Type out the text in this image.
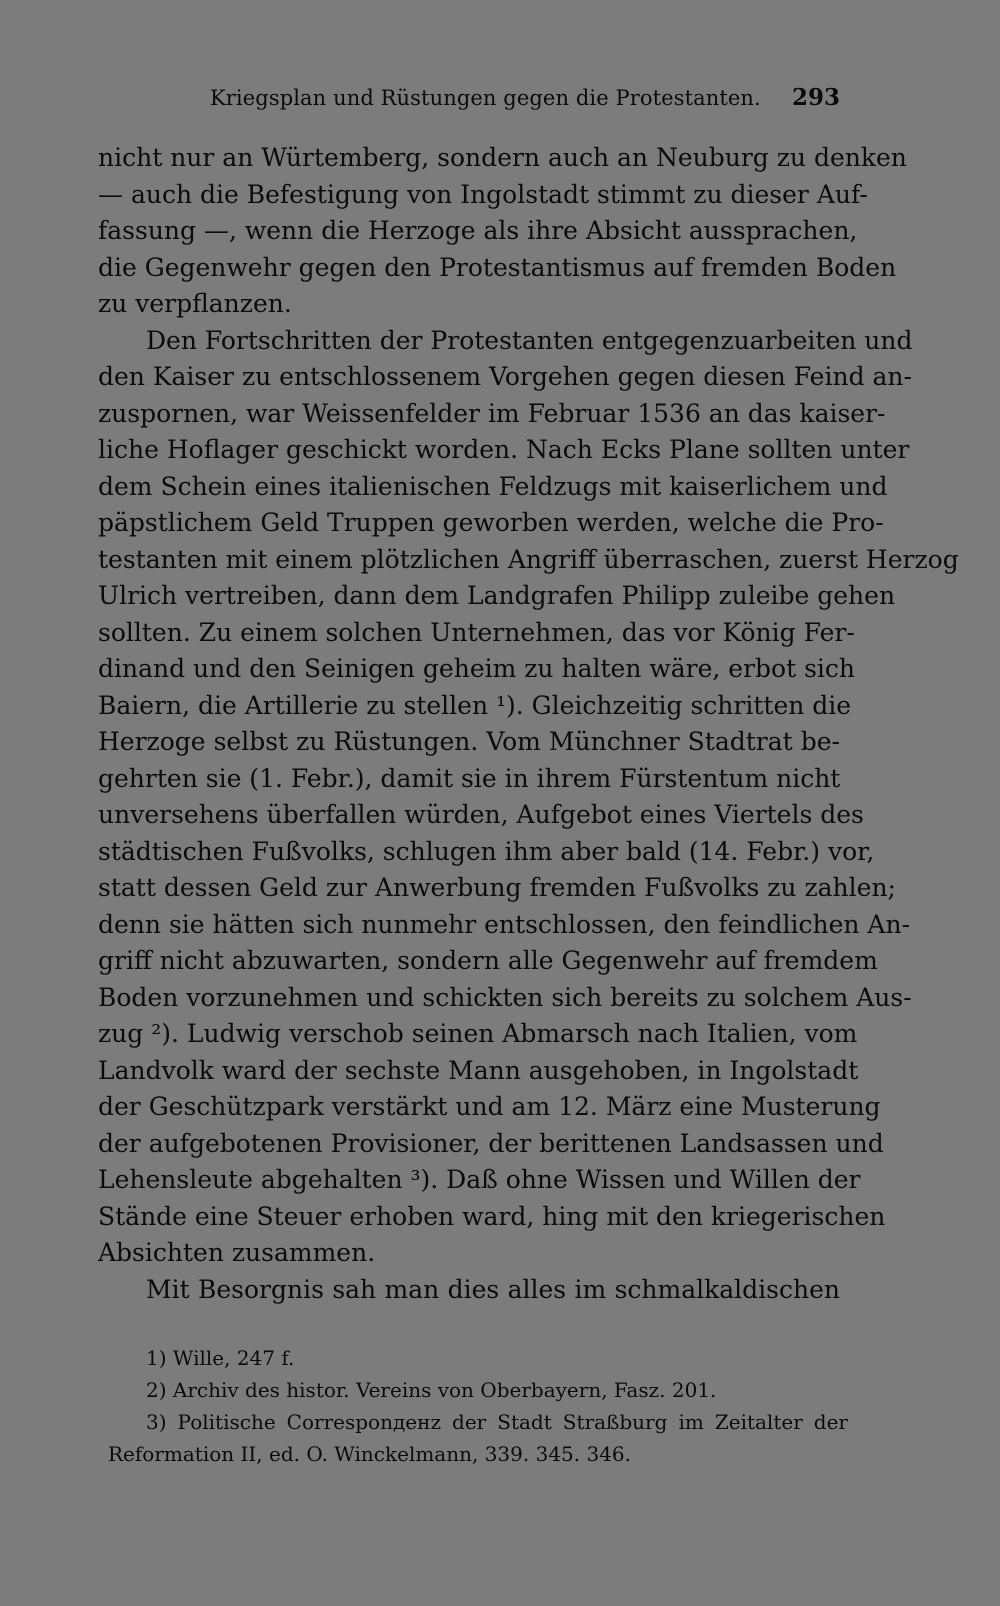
Kriegsplan und Rüstungen gegen die Protestanten. 293
nicht nur an Würtemberg, sondern auch an Neuburg zu denken
— auch die Befestigung von Ingolstadt stimmt zu dieser Auf-
fassung —, wenn die Herzoge als ihre Absicht aussprachen,
die Gegenwehr gegen den Protestantismus auf fremden Boden
zu verpflanzen.
Den Fortschritten der Protestanten entgegenzuarbeiten und
den Kaiser zu entschlossenem Vorgehen gegen diesen Feind an-
zuspornen, war Weissenfelder im Februar 1536 an das kaiser-
liche Hoflager geschickt worden. Nach Ecks Plane sollten unter
dem Schein eines italienischen Feldzugs mit kaiserlichem und
päpstlichem Geld Truppen geworben werden, welche die Pro-
testanten mit einem plötzlichen Angriff überraschen, zuerst Herzog
Ulrich vertreiben, dann dem Landgrafen Philipp zuleibe gehen
sollten. Zu einem solchen Unternehmen, das vor König Fer-
dinand und den Seinigen geheim zu halten wäre, erbot sich
Baiern, die Artillerie zu stellen ¹). Gleichzeitig schritten die
Herzoge selbst zu Rüstungen. Vom Münchner Stadtrat be-
gehrten sie (1. Febr.), damit sie in ihrem Fürstentum nicht
unversehens überfallen würden, Aufgebot eines Viertels des
städtischen Fußvolks, schlugen ihm aber bald (14. Febr.) vor,
statt dessen Geld zur Anwerbung fremden Fußvolks zu zahlen;
denn sie hätten sich nunmehr entschlossen, den feindlichen An-
griff nicht abzuwarten, sondern alle Gegenwehr auf fremdem
Boden vorzunehmen und schickten sich bereits zu solchem Aus-
zug ²). Ludwig verschob seinen Abmarsch nach Italien, vom
Landvolk ward der sechste Mann ausgehoben, in Ingolstadt
der Geschützpark verstärkt und am 12. März eine Musterung
der aufgebotenen Provisioner, der berittenen Landsassen und
Lehensleute abgehalten ³). Daß ohne Wissen und Willen der
Stände eine Steuer erhoben ward, hing mit den kriegerischen
Absichten zusammen.
Mit Besorgnis sah man dies alles im schmalkaldischen
1) Wille, 247 f.
2) Archiv des histor. Vereins von Oberbayern, Fasz. 201.
3) Politische Corresponденz der Stadt Straßburg im Zeitalter der
Reformation II, ed. O. Winckelmann, 339. 345. 346.
